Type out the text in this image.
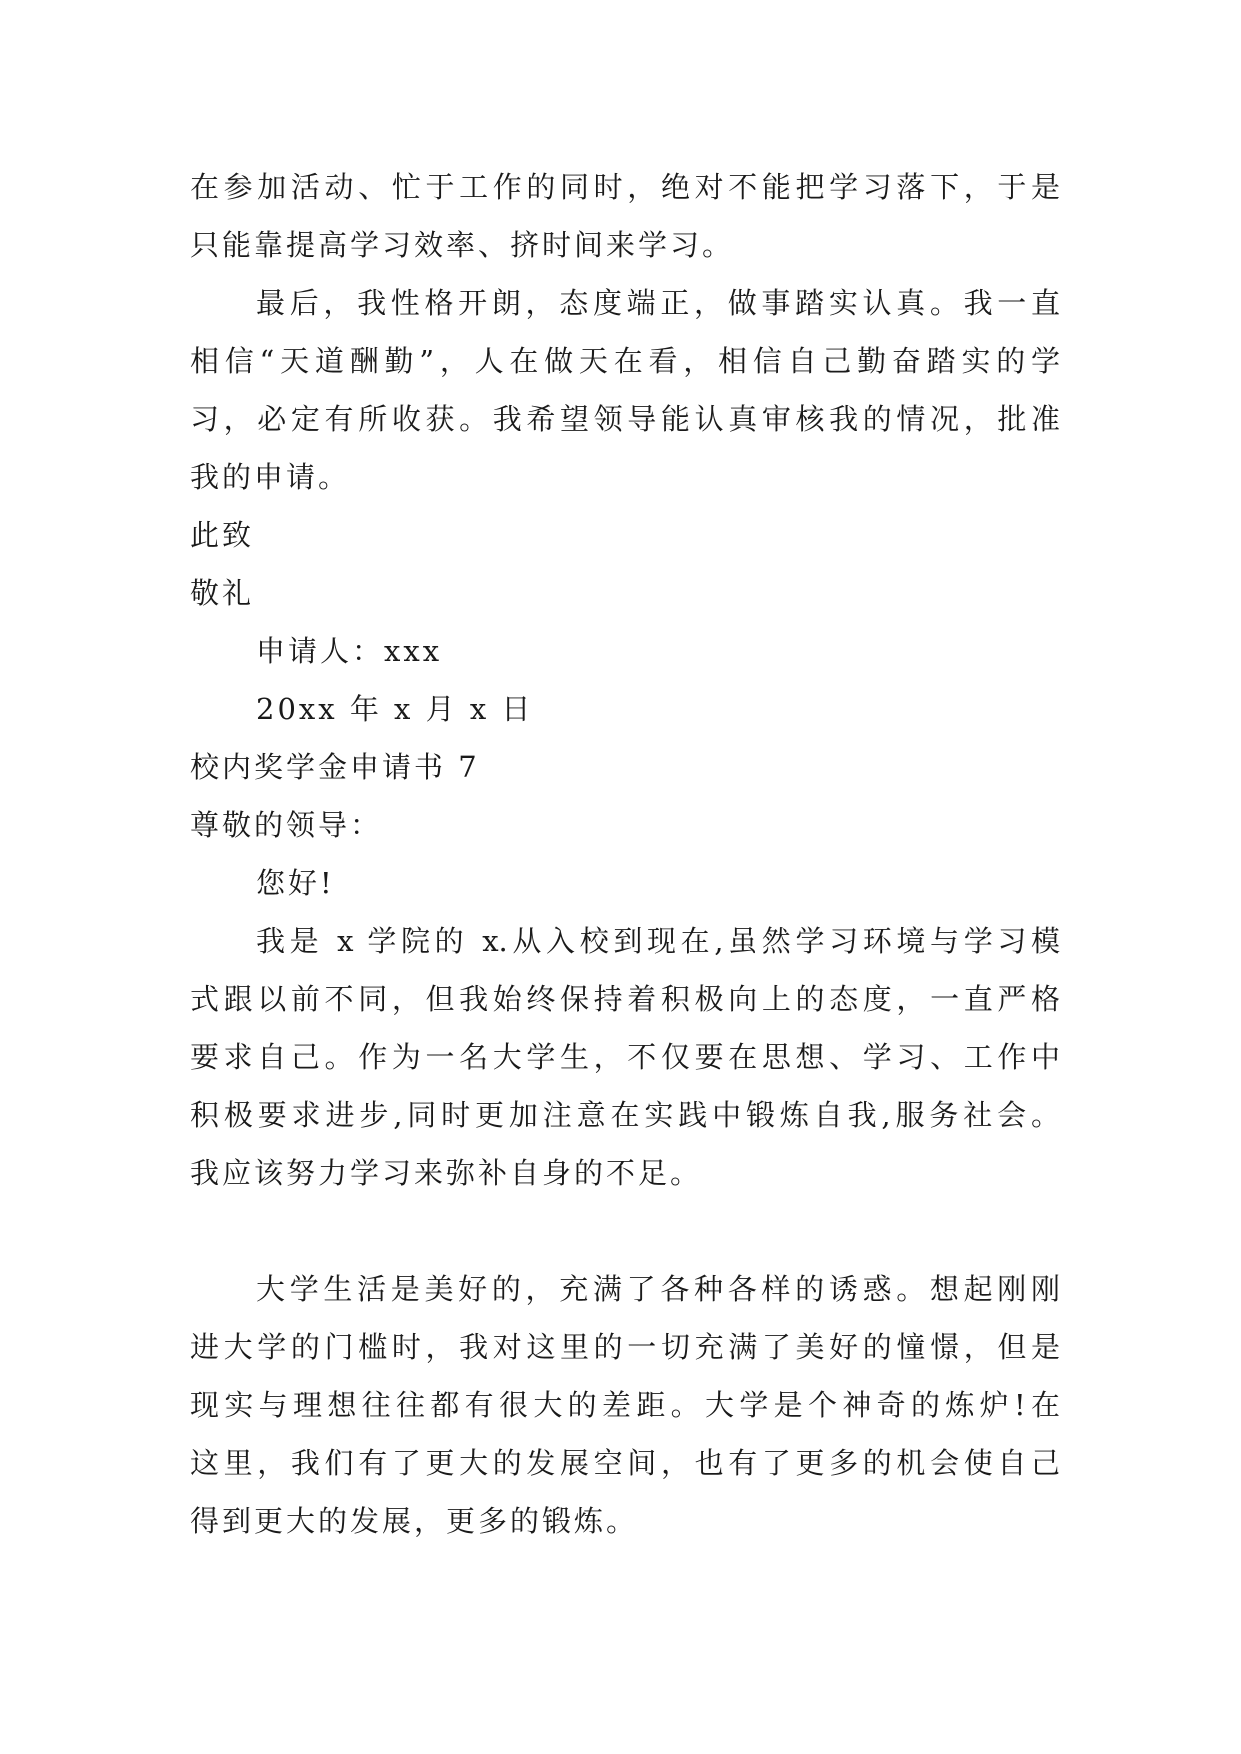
在参加活动、忙于工作的同时，绝对不能把学习落下，于是
只能靠提高学习效率、挤时间来学习。
最后，我性格开朗，态度端正，做事踏实认真。我一直
相信“天道酬勤”，人在做天在看，相信自己勤奋踏实的学
习，必定有所收获。我希望领导能认真审核我的情况，批准
我的申请。
此致
敬礼
申请人：xxx
20xx 年 x 月 x 日
校内奖学金申请书 7
尊敬的领导：
您好!
我是 x 学院的 x.从入校到现在,虽然学习环境与学习模
式跟以前不同，但我始终保持着积极向上的态度，一直严格
要求自己。作为一名大学生，不仅要在思想、学习、工作中
积极要求进步,同时更加注意在实践中锻炼自我,服务社会。
我应该努力学习来弥补自身的不足。
大学生活是美好的，充满了各种各样的诱惑。想起刚刚
进大学的门槛时，我对这里的一切充满了美好的憧憬，但是
现实与理想往往都有很大的差距。大学是个神奇的炼炉!在
这里，我们有了更大的发展空间，也有了更多的机会使自己
得到更大的发展，更多的锻炼。
